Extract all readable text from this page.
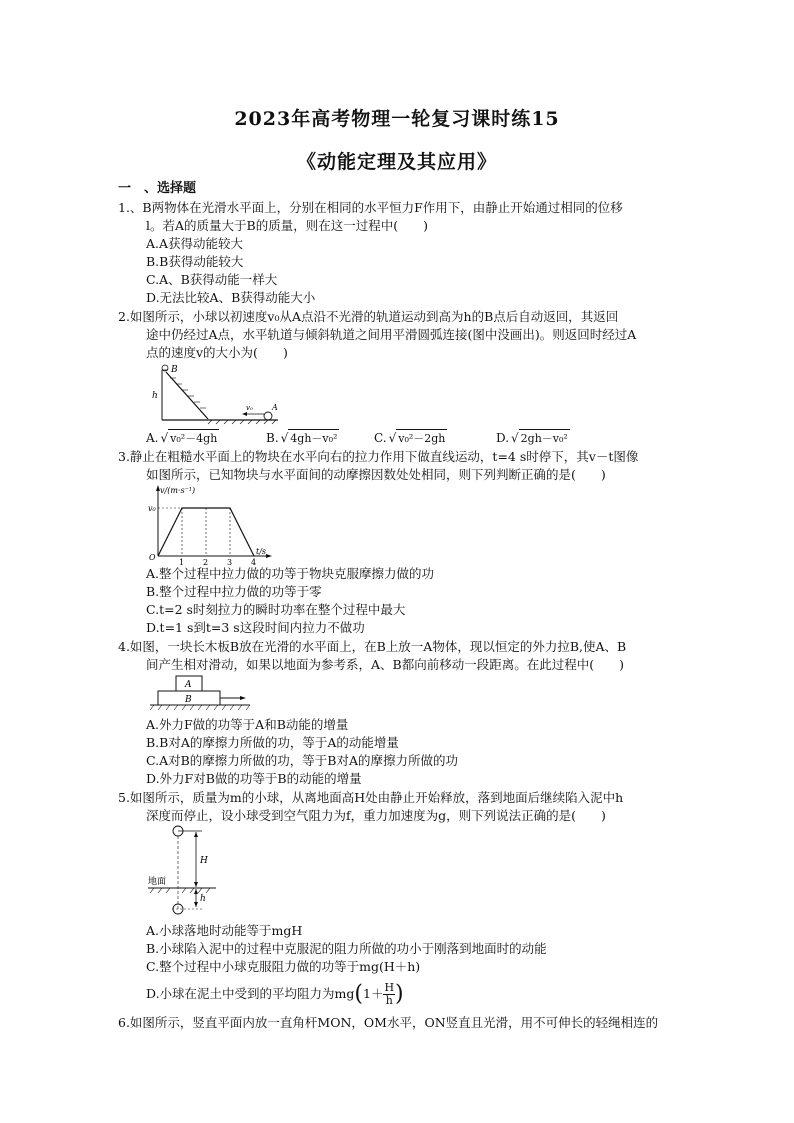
2023年高考物理一轮复习课时练15
《动能定理及其应用》
一　、选择题
1.、B两物体在光滑水平面上，分别在相同的水平恒力F作用下，由静止开始通过相同的位移
l。若A的质量大于B的质量，则在这一过程中(　　)
A.A获得动能较大
B.B获得动能较大
C.A、B获得动能一样大
D.无法比较A、B获得动能大小
2.如图所示，小球以初速度v₀从A点沿不光滑的轨道运动到高为h的B点后自动返回，其返回
途中仍经过A点，水平轨道与倾斜轨道之间用平滑圆弧连接(图中没画出)。则返回时经过A
点的速度v的大小为(　　)
B
h
v₀ A
A. √ v₀²－4gh	B. √ 4gh－v₀²	C. √ v₀²－2gh	D. √ 2gh－v₀²
3.静止在粗糙水平面上的物块在水平向右的拉力作用下做直线运动，t=4 s时停下，其v－t图像
如图所示，已知物块与水平面间的动摩擦因数处处相同，则下列判断正确的是(　　)
v/(m·s⁻¹)
t/s
v₀
O
1 2 3 4
A.整个过程中拉力做的功等于物块克服摩擦力做的功
B.整个过程中拉力做的功等于零
C.t=2 s时刻拉力的瞬时功率在整个过程中最大
D.t=1 s到t=3 s这段时间内拉力不做功
4.如图，一块长木板B放在光滑的水平面上，在B上放一A物体，现以恒定的外力拉B,使A、B
间产生相对滑动，如果以地面为参考系，A、B都向前移动一段距离。在此过程中(　　)
A
B
A.外力F做的功等于A和B动能的增量
B.B对A的摩擦力所做的功，等于A的动能增量
C.A对B的摩擦力所做的功，等于B对A的摩擦力所做的功
D.外力F对B做的功等于B的动能的增量
5.如图所示，质量为m的小球，从离地面高H处由静止开始释放，落到地面后继续陷入泥中h
深度而停止，设小球受到空气阻力为f，重力加速度为g，则下列说法正确的是(　　)
H
地面
h
A.小球落地时动能等于mgH
B.小球陷入泥中的过程中克服泥的阻力所做的功小于刚落到地面时的动能
C.整个过程中小球克服阻力做的功等于mg(H＋h)
D.小球在泥土中受到的平均阻力为$mg(1+ \frac{H}{h}$ )
6.如图所示，竖直平面内放一直角杆MON，OM水平，ON竖直且光滑，用不可伸长的轻绳相连的
